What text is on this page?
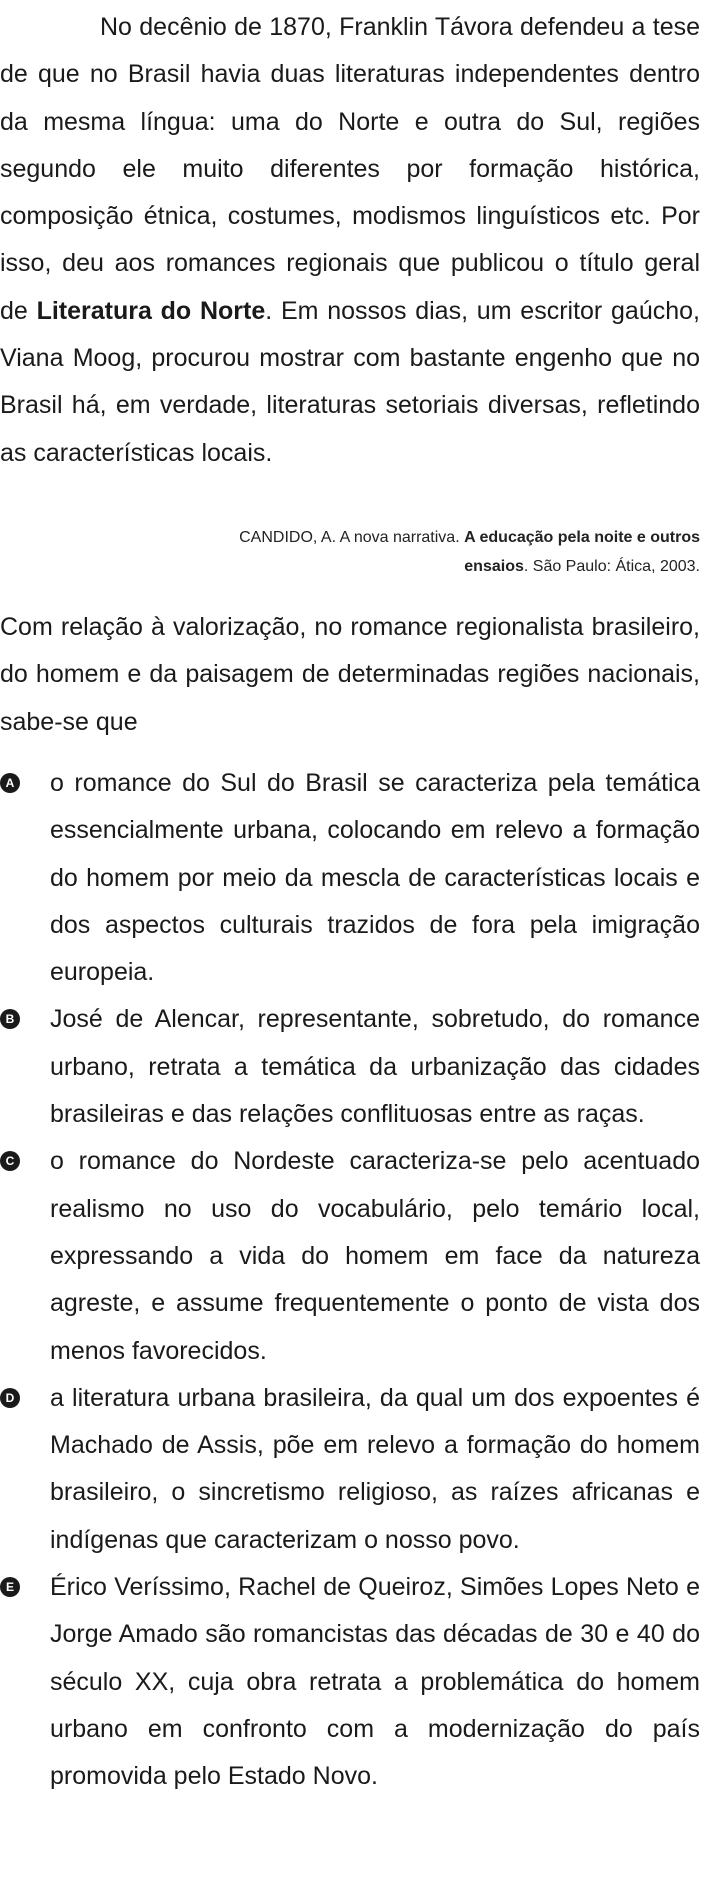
No decênio de 1870, Franklin Távora defendeu a tese de que no Brasil havia duas literaturas independentes dentro da mesma língua: uma do Norte e outra do Sul, regiões segundo ele muito diferentes por formação histórica, composição étnica, costumes, modismos linguísticos etc. Por isso, deu aos romances regionais que publicou o título geral de Literatura do Norte. Em nossos dias, um escritor gaúcho, Viana Moog, procurou mostrar com bastante engenho que no Brasil há, em verdade, literaturas setoriais diversas, refletindo as características locais.

CANDIDO, A. A nova narrativa. A educação pela noite e outros ensaios. São Paulo: Ática, 2003.

Com relação à valorização, no romance regionalista brasileiro, do homem e da paisagem de determinadas regiões nacionais, sabe-se que

A o romance do Sul do Brasil se caracteriza pela temática essencialmente urbana, colocando em relevo a formação do homem por meio da mescla de características locais e dos aspectos culturais trazidos de fora pela imigração europeia.
B José de Alencar, representante, sobretudo, do romance urbano, retrata a temática da urbanização das cidades brasileiras e das relações conflituosas entre as raças.
C o romance do Nordeste caracteriza-se pelo acentuado realismo no uso do vocabulário, pelo temário local, expressando a vida do homem em face da natureza agreste, e assume frequentemente o ponto de vista dos menos favorecidos.
D a literatura urbana brasileira, da qual um dos expoentes é Machado de Assis, põe em relevo a formação do homem brasileiro, o sincretismo religioso, as raízes africanas e indígenas que caracterizam o nosso povo.
E Érico Veríssimo, Rachel de Queiroz, Simões Lopes Neto e Jorge Amado são romancistas das décadas de 30 e 40 do século XX, cuja obra retrata a problemática do homem urbano em confronto com a modernização do país promovida pelo Estado Novo.
